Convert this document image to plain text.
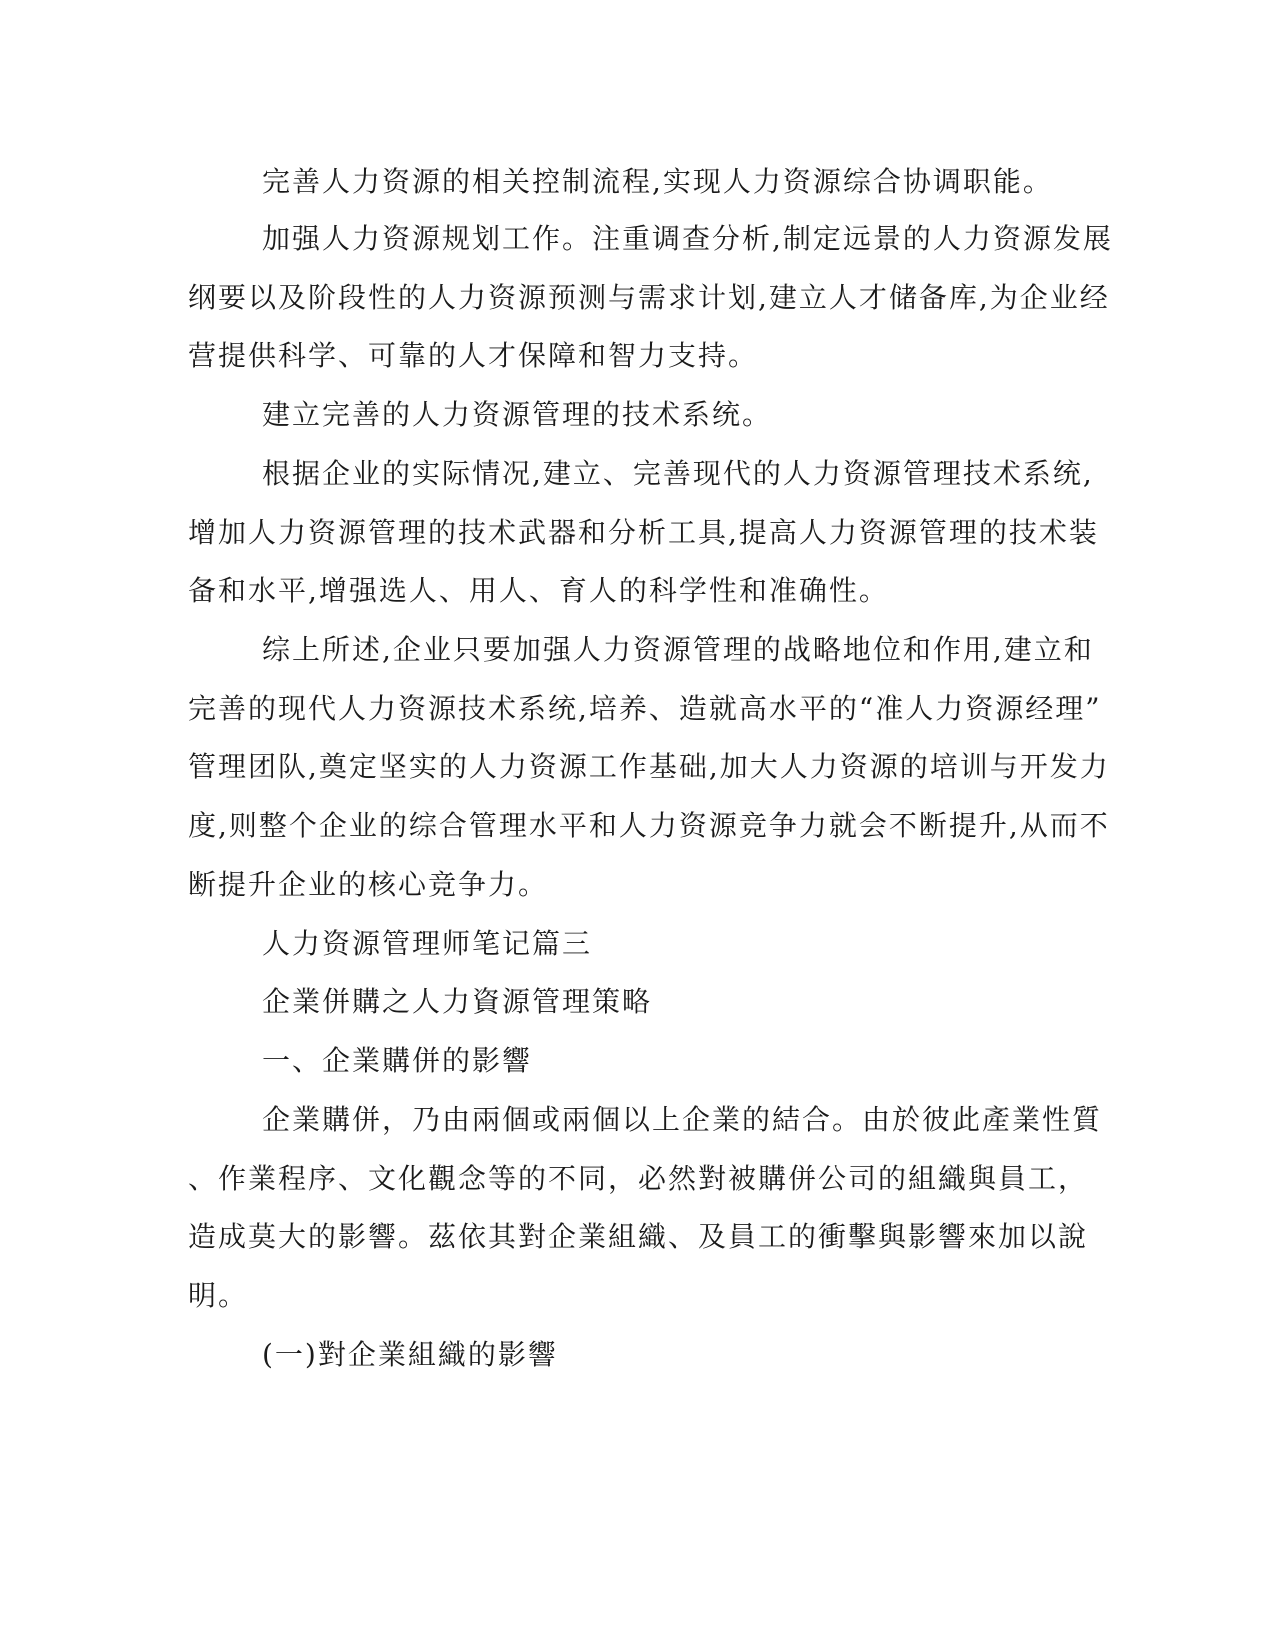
完善人力资源的相关控制流程,实现人力资源综合协调职能。
加强人力资源规划工作。注重调查分析,制定远景的人力资源发展
纲要以及阶段性的人力资源预测与需求计划,建立人才储备库,为企业经
营提供科学、可靠的人才保障和智力支持。
建立完善的人力资源管理的技术系统。
根据企业的实际情况,建立、完善现代的人力资源管理技术系统,
增加人力资源管理的技术武器和分析工具,提高人力资源管理的技术装
备和水平,增强选人、用人、育人的科学性和准确性。
综上所述,企业只要加强人力资源管理的战略地位和作用,建立和
完善的现代人力资源技术系统,培养、造就高水平的“准人力资源经理”
管理团队,奠定坚实的人力资源工作基础,加大人力资源的培训与开发力
度,则整个企业的综合管理水平和人力资源竞争力就会不断提升,从而不
断提升企业的核心竞争力。
人力资源管理师笔记篇三
企業併購之人力資源管理策略
一、企業購併的影響
企業購併，乃由兩個或兩個以上企業的結合。由於彼此產業性質
、作業程序、文化觀念等的不同，必然對被購併公司的組織與員工，
造成莫大的影響。茲依其對企業組織、及員工的衝擊與影響來加以說
明。
(一)對企業組織的影響
